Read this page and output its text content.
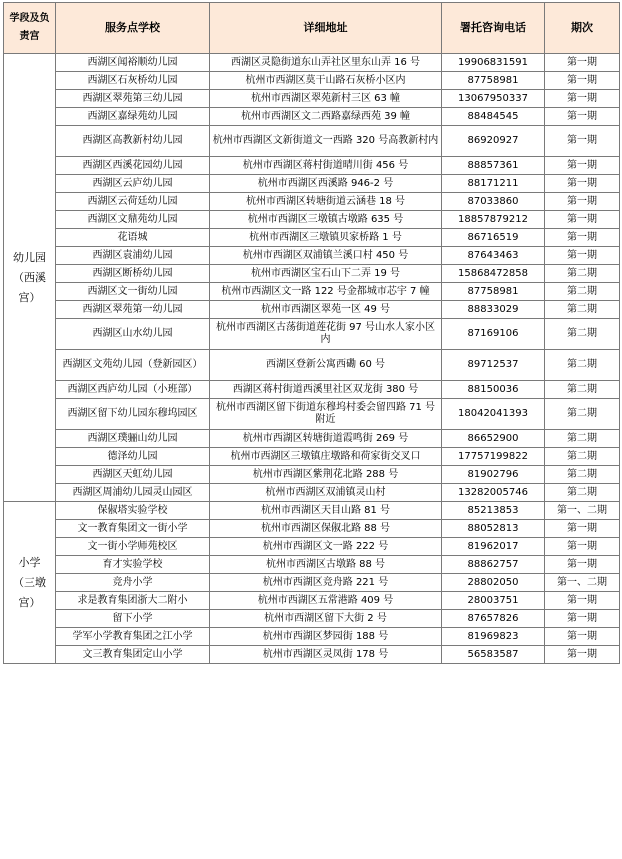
学段及负责宫	服务点学校	详细地址	署托咨询电话	期次
幼儿园（西溪宫）	西湖区闻裕顺幼儿园	西湖区灵隐街道东山弄社区里东山弄 16 号	19906831591	第一期
	西湖区石灰桥幼儿园	杭州市西湖区莫干山路石灰桥小区内	87758981	第一期
	西湖区翠苑第三幼儿园	杭州市西湖区翠苑新村三区 63 幢	13067950337	第一期
	西湖区嘉绿苑幼儿园	杭州市西湖区文二西路嘉绿西苑 39 幢	88484545	第一期
	西湖区高教新村幼儿园	杭州市西湖区文新街道文一西路 320 号高教新村内	86920927	第一期
	西湖区西溪花园幼儿园	杭州市西湖区蒋村街道晴川街 456 号	88857361	第一期
	西湖区云庐幼儿园	杭州市西湖区西溪路 946-2 号	88171211	第一期
	西湖区云荷廷幼儿园	杭州市西湖区转塘街道云涵巷 18 号	87033860	第一期
	西湖区文鼎苑幼儿园	杭州市西湖区三墩镇古墩路 635 号	18857879212	第一期
	花语城	杭州市西湖区三墩镇贝家桥路 1 号	86716519	第一期
	西湖区袁浦幼儿园	杭州市西湖区双浦镇兰溪口村 450 号	87643463	第一期
	西湖区断桥幼儿园	杭州市西湖区宝石山下二弄 19 号	15868472858	第二期
	西湖区文一街幼儿园	杭州市西湖区文一路 122 号金都城市芯宇 7 幢	87758981	第二期
	西湖区翠苑第一幼儿园	杭州市西湖区翠苑一区 49 号	88833029	第二期
	西湖区山水幼儿园	杭州市西湖区古荡街道莲花街 97 号山水人家小区内	87169106	第二期
	西湖区文苑幼儿园（登新园区）	西湖区登新公寓西磡 60 号	89712537	第二期
	西湖区西庐幼儿园（小班部）	西湖区蒋村街道西溪里社区双龙街 380 号	88150036	第二期
	西湖区留下幼儿园东穆坞园区	杭州市西湖区留下街道东穆坞村委会留四路 71 号附近	18042041393	第二期
	西湖区璞骊山幼儿园	杭州市西湖区转塘街道霞鸣街 269 号	86652900	第二期
	德泽幼儿园	杭州市西湖区三墩镇庄墩路和荷家街交叉口	17757199822	第二期
	西湖区天虹幼儿园	杭州市西湖区紫荆花北路 288 号	81902796	第二期
	西湖区周浦幼儿园灵山园区	杭州市西湖区双浦镇灵山村	13282005746	第二期
小学（三墩宫）	保俶塔实验学校	杭州市西湖区天目山路 81 号	85213853	第一、二期
	文一教育集团文一街小学	杭州市西湖区保俶北路 88 号	88052813	第一期
	文一街小学师苑校区	杭州市西湖区文一路 222 号	81962017	第一期
	育才实验学校	杭州市西湖区古墩路 88 号	88862757	第一期
	竞舟小学	杭州市西湖区竞舟路 221 号	28802050	第一、二期
	求是教育集团浙大二附小	杭州市西湖区五常港路 409 号	28003751	第一期
	留下小学	杭州市西湖区留下大街 2 号	87657826	第一期
	学军小学教育集团之江小学	杭州市西湖区梦园街 188 号	81969823	第一期
	文三教育集团定山小学	杭州市西湖区灵凤街 178 号	56583587	第一期
